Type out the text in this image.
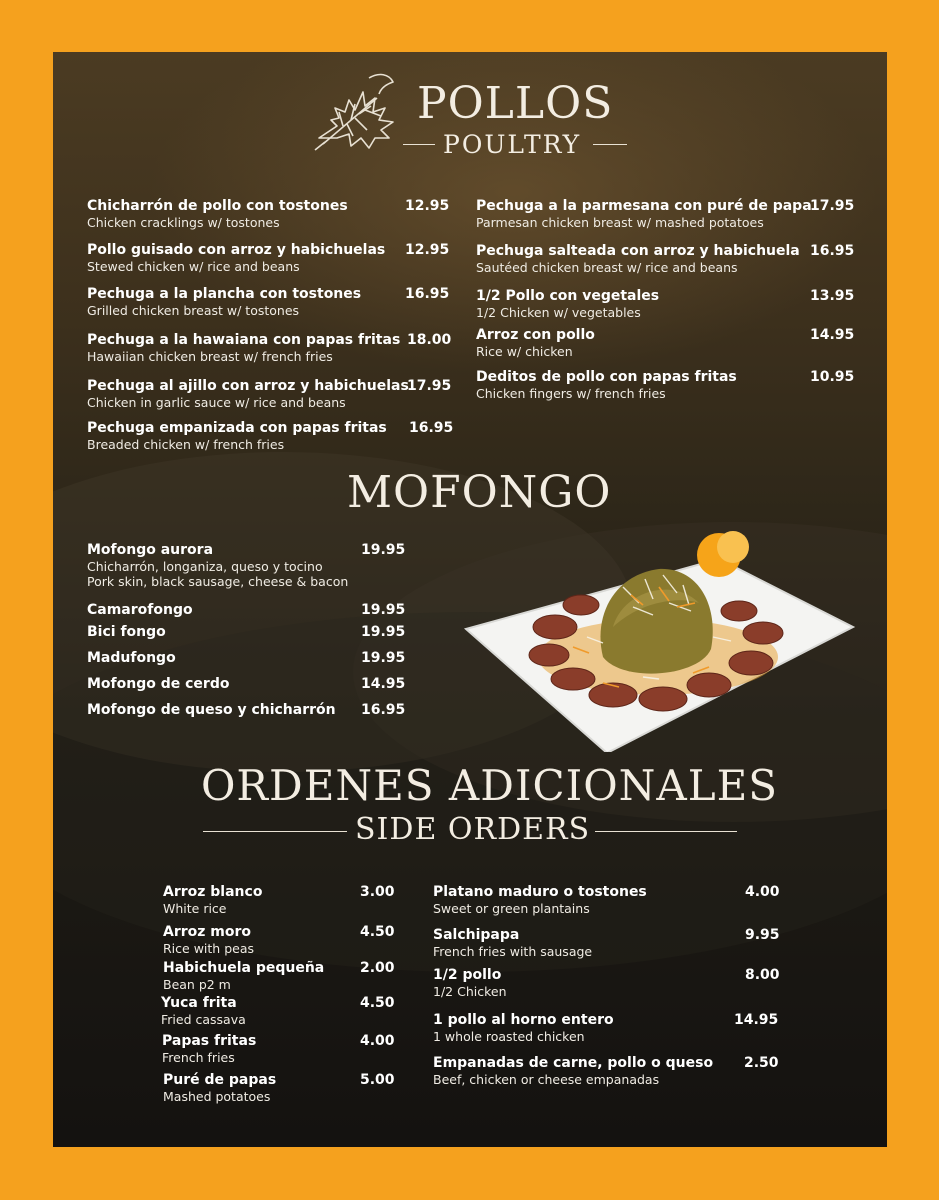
POLLOS
POULTRY
Chicharrón de pollo con tostones
Chicken cracklings w/ tostones
12.95
Pollo guisado con arroz y habichuelas
Stewed chicken w/ rice and beans
12.95
Pechuga a la plancha con tostones
Grilled chicken breast w/ tostones
16.95
Pechuga a la hawaiana con papas fritas
Hawaiian chicken breast w/ french fries
18.00
Pechuga al ajillo con arroz y habichuelas
Chicken in garlic sauce w/ rice and beans
17.95
Pechuga empanizada con papas fritas
Breaded chicken w/ french fries
16.95
Pechuga a la parmesana con puré de papa
Parmesan chicken breast w/ mashed potatoes
17.95
Pechuga salteada con arroz y habichuela
Sautéed chicken breast w/ rice and beans
16.95
1/2 Pollo con vegetales
1/2 Chicken w/ vegetables
13.95
Arroz con pollo
Rice w/ chicken
14.95
Deditos de pollo con papas fritas
Chicken fingers w/ french fries
10.95
MOFONGO
Mofongo aurora
Chicharrón, longaniza, queso y tocino
Pork skin, black sausage, cheese & bacon
19.95
Camarofongo	19.95
Bici fongo	19.95
Madufongo	19.95
Mofongo de cerdo	14.95
Mofongo de queso y chicharrón 16.95
ORDENES ADICIONALES
SIDE ORDERS
Arroz blanco
White rice
3.00
Arroz moro
Rice with peas
4.50
Habichuela pequeña
Bean p2 m
2.00
Yuca frita
Fried cassava
4.50
Papas fritas
French fries
4.00
Puré de papas
Mashed potatoes
5.00
Platano maduro o tostones
Sweet or green plantains
4.00
Salchipapa
French fries with sausage
9.95
1/2 pollo
1/2 Chicken
8.00
1 pollo al horno entero
1 whole roasted chicken
14.95
Empanadas de carne, pollo o queso
Beef, chicken or cheese empanadas
2.50
